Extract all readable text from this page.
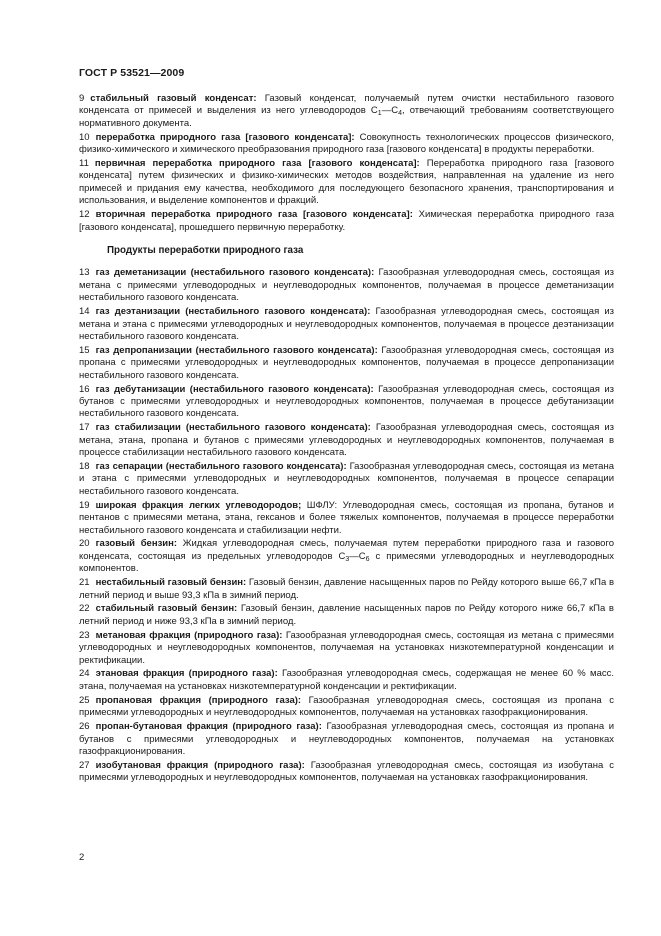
ГОСТ Р 53521—2009

9 стабильный газовый конденсат: Газовый конденсат, получаемый путем очистки нестабильного газового конденсата от примесей и выделения из него углеводородов $С_1—С_4$, отвечающий требованиям соответствующего нормативного документа.

10 переработка природного газа [газового конденсата]: Совокупность технологических процессов физического, физико-химического и химического преобразования природного газа [газового конденсата] в продукты переработки.

11 первичная переработка природного газа [газового конденсата]: Переработка природного газа [газового конденсата] путем физических и физико-химических методов воздействия, направленная на удаление из него примесей и придания ему качества, необходимого для последующего безопасного хранения, транспортирования и использования, и выделение компонентов и фракций.

12 вторичная переработка природного газа [газового конденсата]: Химическая переработка природного газа [газового конденсата], прошедшего первичную переработку.

Продукты переработки природного газа

13 газ деметанизации (нестабильного газового конденсата): Газообразная углеводородная смесь, состоящая из метана с примесями углеводородных и неуглеводородных компонентов, получаемая в процессе деметанизации нестабильного газового конденсата.

14 газ деэтанизации (нестабильного газового конденсата): Газообразная углеводородная смесь, состоящая из метана и этана с примесями углеводородных и неуглеводородных компонентов, получаемая в процессе деэтанизации нестабильного газового конденсата.

15 газ депропанизации (нестабильного газового конденсата): Газообразная углеводородная смесь, состоящая из пропана с примесями углеводородных и неуглеводородных компонентов, получаемая в процессе депропанизации нестабильного газового конденсата.

16 газ дебутанизации (нестабильного газового конденсата): Газообразная углеводородная смесь, состоящая из бутанов с примесями углеводородных и неуглеводородных компонентов, получаемая в процессе дебутанизации нестабильного газового конденсата.

17 газ стабилизации (нестабильного газового конденсата): Газообразная углеводородная смесь, состоящая из метана, этана, пропана и бутанов с примесями углеводородных и неуглеводородных компонентов, получаемая в процессе стабилизации нестабильного газового конденсата.

18 газ сепарации (нестабильного газового конденсата): Газообразная углеводородная смесь, состоящая из метана и этана с примесями углеводородных и неуглеводородных компонентов, получаемая в процессе сепарации нестабильного газового конденсата.

19 широкая фракция легких углеводородов; ШФЛУ: Углеводородная смесь, состоящая из пропана, бутанов и пентанов с примесями метана, этана, гексанов и более тяжелых компонентов, получаемая в процессе переработки нестабильного газового конденсата и стабилизации нефти.

20 газовый бензин: Жидкая углеводородная смесь, получаемая путем переработки природного газа и газового конденсата, состоящая из предельных углеводородов $С_3—С_6$ с примесями углеводородных и неуглеводородных компонентов.

21 нестабильный газовый бензин: Газовый бензин, давление насыщенных паров по Рейду которого выше 66,7 кПа в летний период и выше 93,3 кПа в зимний период.

22 стабильный газовый бензин: Газовый бензин, давление насыщенных паров по Рейду которого ниже 66,7 кПа в летний период и ниже 93,3 кПа в зимний период.

23 метановая фракция (природного газа): Газообразная углеводородная смесь, состоящая из метана с примесями углеводородных и неуглеводородных компонентов, получаемая на установках низкотемпературной конденсации и ректификации.

24 этановая фракция (природного газа): Газообразная углеводородная смесь, содержащая не менее 60 % масс. этана, получаемая на установках низкотемпературной конденсации и ректификации.

25 пропановая фракция (природного газа): Газообразная углеводородная смесь, состоящая из пропана с примесями углеводородных и неуглеводородных компонентов, получаемая на установках газофракционирования.

26 пропан-бутановая фракция (природного газа): Газообразная углеводородная смесь, состоящая из пропана и бутанов с примесями углеводородных и неуглеводородных компонентов, получаемая на установках газофракционирования.

27 изобутановая фракция (природного газа): Газообразная углеводородная смесь, состоящая из изобутана с примесями углеводородных и неуглеводородных компонентов, получаемая на установках газофракционирования.

2
